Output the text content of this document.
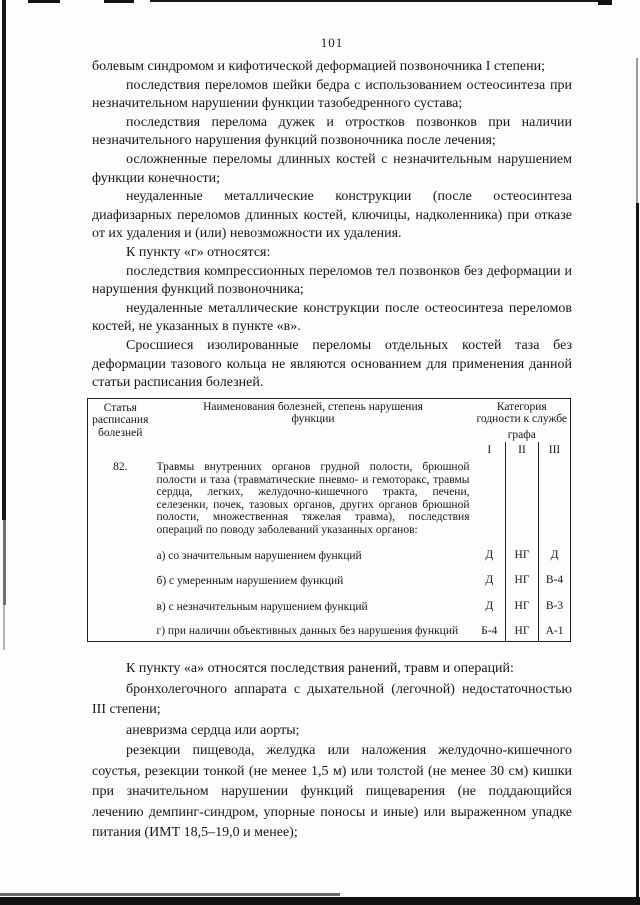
101

болевым синдромом и кифотической деформацией позвоночника I степени;

последствия переломов шейки бедра с использованием остеосинтеза при незначительном нарушении функции тазобедренного сустава;

последствия перелома дужек и отростков позвонков при наличии незначительного нарушения функций позвоночника после лечения;

осложненные переломы длинных костей с незначительным нарушением функции конечности;

неудаленные металлические конструкции (после остеосинтеза диафизарных переломов длинных костей, ключицы, надколенника) при отказе от их удаления и (или) невозможности их удаления.

К пункту «г» относятся:

последствия компрессионных переломов тел позвонков без деформации и нарушения функций позвоночника;

неудаленные металлические конструкции после остеосинтеза переломов костей, не указанных в пункте «в».

Сросшиеся изолированные переломы отдельных костей таза без деформации тазового кольца не являются основанием для применения данной статьи расписания болезней.

Статья расписания болезней	Наименования болезней, степень нарушения функции	Категория годности к службе		
		графа		
		I	II	III
82.	Травмы внутренних органов грудной полости, брюшной полости и таза (травматические пневмо- и гемоторакс, травмы сердца, легких, желудочно-кишечного тракта, печени, селезенки, почек, тазовых органов, других органов брюшной полости, множественная тяжелая травма), последствия операций по поводу заболеваний указанных органов:			
	а) со значительным нарушением функций	Д	НГ	Д
	б) с умеренным нарушением функций	Д	НГ	В-4
	в) с незначительным нарушением функций	Д	НГ	В-3
	г) при наличии объективных данных без нарушения функций	Б-4	НГ	А-1

К пункту «а» относятся последствия ранений, травм и операций:

бронхолегочного аппарата с дыхательной (легочной) недостаточностью III степени;

аневризма сердца или аорты;

резекции пищевода, желудка или наложения желудочно-кишечного соустья, резекции тонкой (не менее 1,5 м) или толстой (не менее 30 см) кишки при значительном нарушении функций пищеварения (не поддающийся лечению демпинг-синдром, упорные поносы и иные) или выраженном упадке питания (ИМТ 18,5–19,0 и менее);
